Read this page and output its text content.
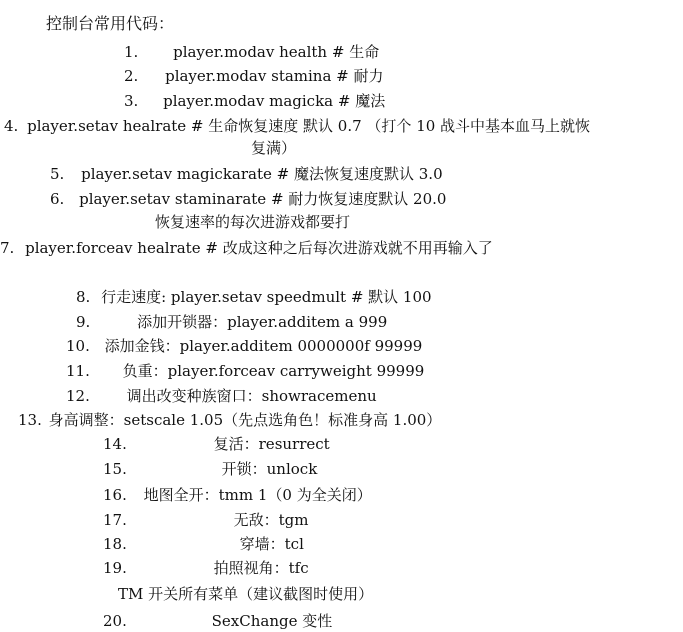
控制台常用代码：
1. player.modav health # 生命
2. player.modav stamina # 耐力
3. player.modav magicka # 魔法
4. player.setav healrate # 生命恢复速度 默认 0.7 （打个 10 战斗中基本血马上就恢
复满）
5. player.setav magickarate # 魔法恢复速度默认 3.0
6. player.setav staminarate # 耐力恢复速度默认 20.0
恢复速率的每次进游戏都要打
7. player.forceav healrate # 改成这种之后每次进游戏就不用再输入了
8. 行走速度: player.setav speedmult # 默认 100
9.	添加开锁器：player.additem a 999
10. 添加金钱：player.additem 0000000f 99999
11. 负重：player.forceav carryweight 99999
12. 调出改变种族窗口：showracemenu
13. 身高调整：setscale 1.05（先点选角色！标准身高 1.00）
14.	复活：resurrect
15.	开锁：unlock
16. 地图全开：tmm 1（0 为全关闭）
17.	无敌：tgm
18.	穿墙：tcl
19.	拍照视角：tfc
TM 开关所有菜单（建议截图时使用）
20.	SexChange 变性
